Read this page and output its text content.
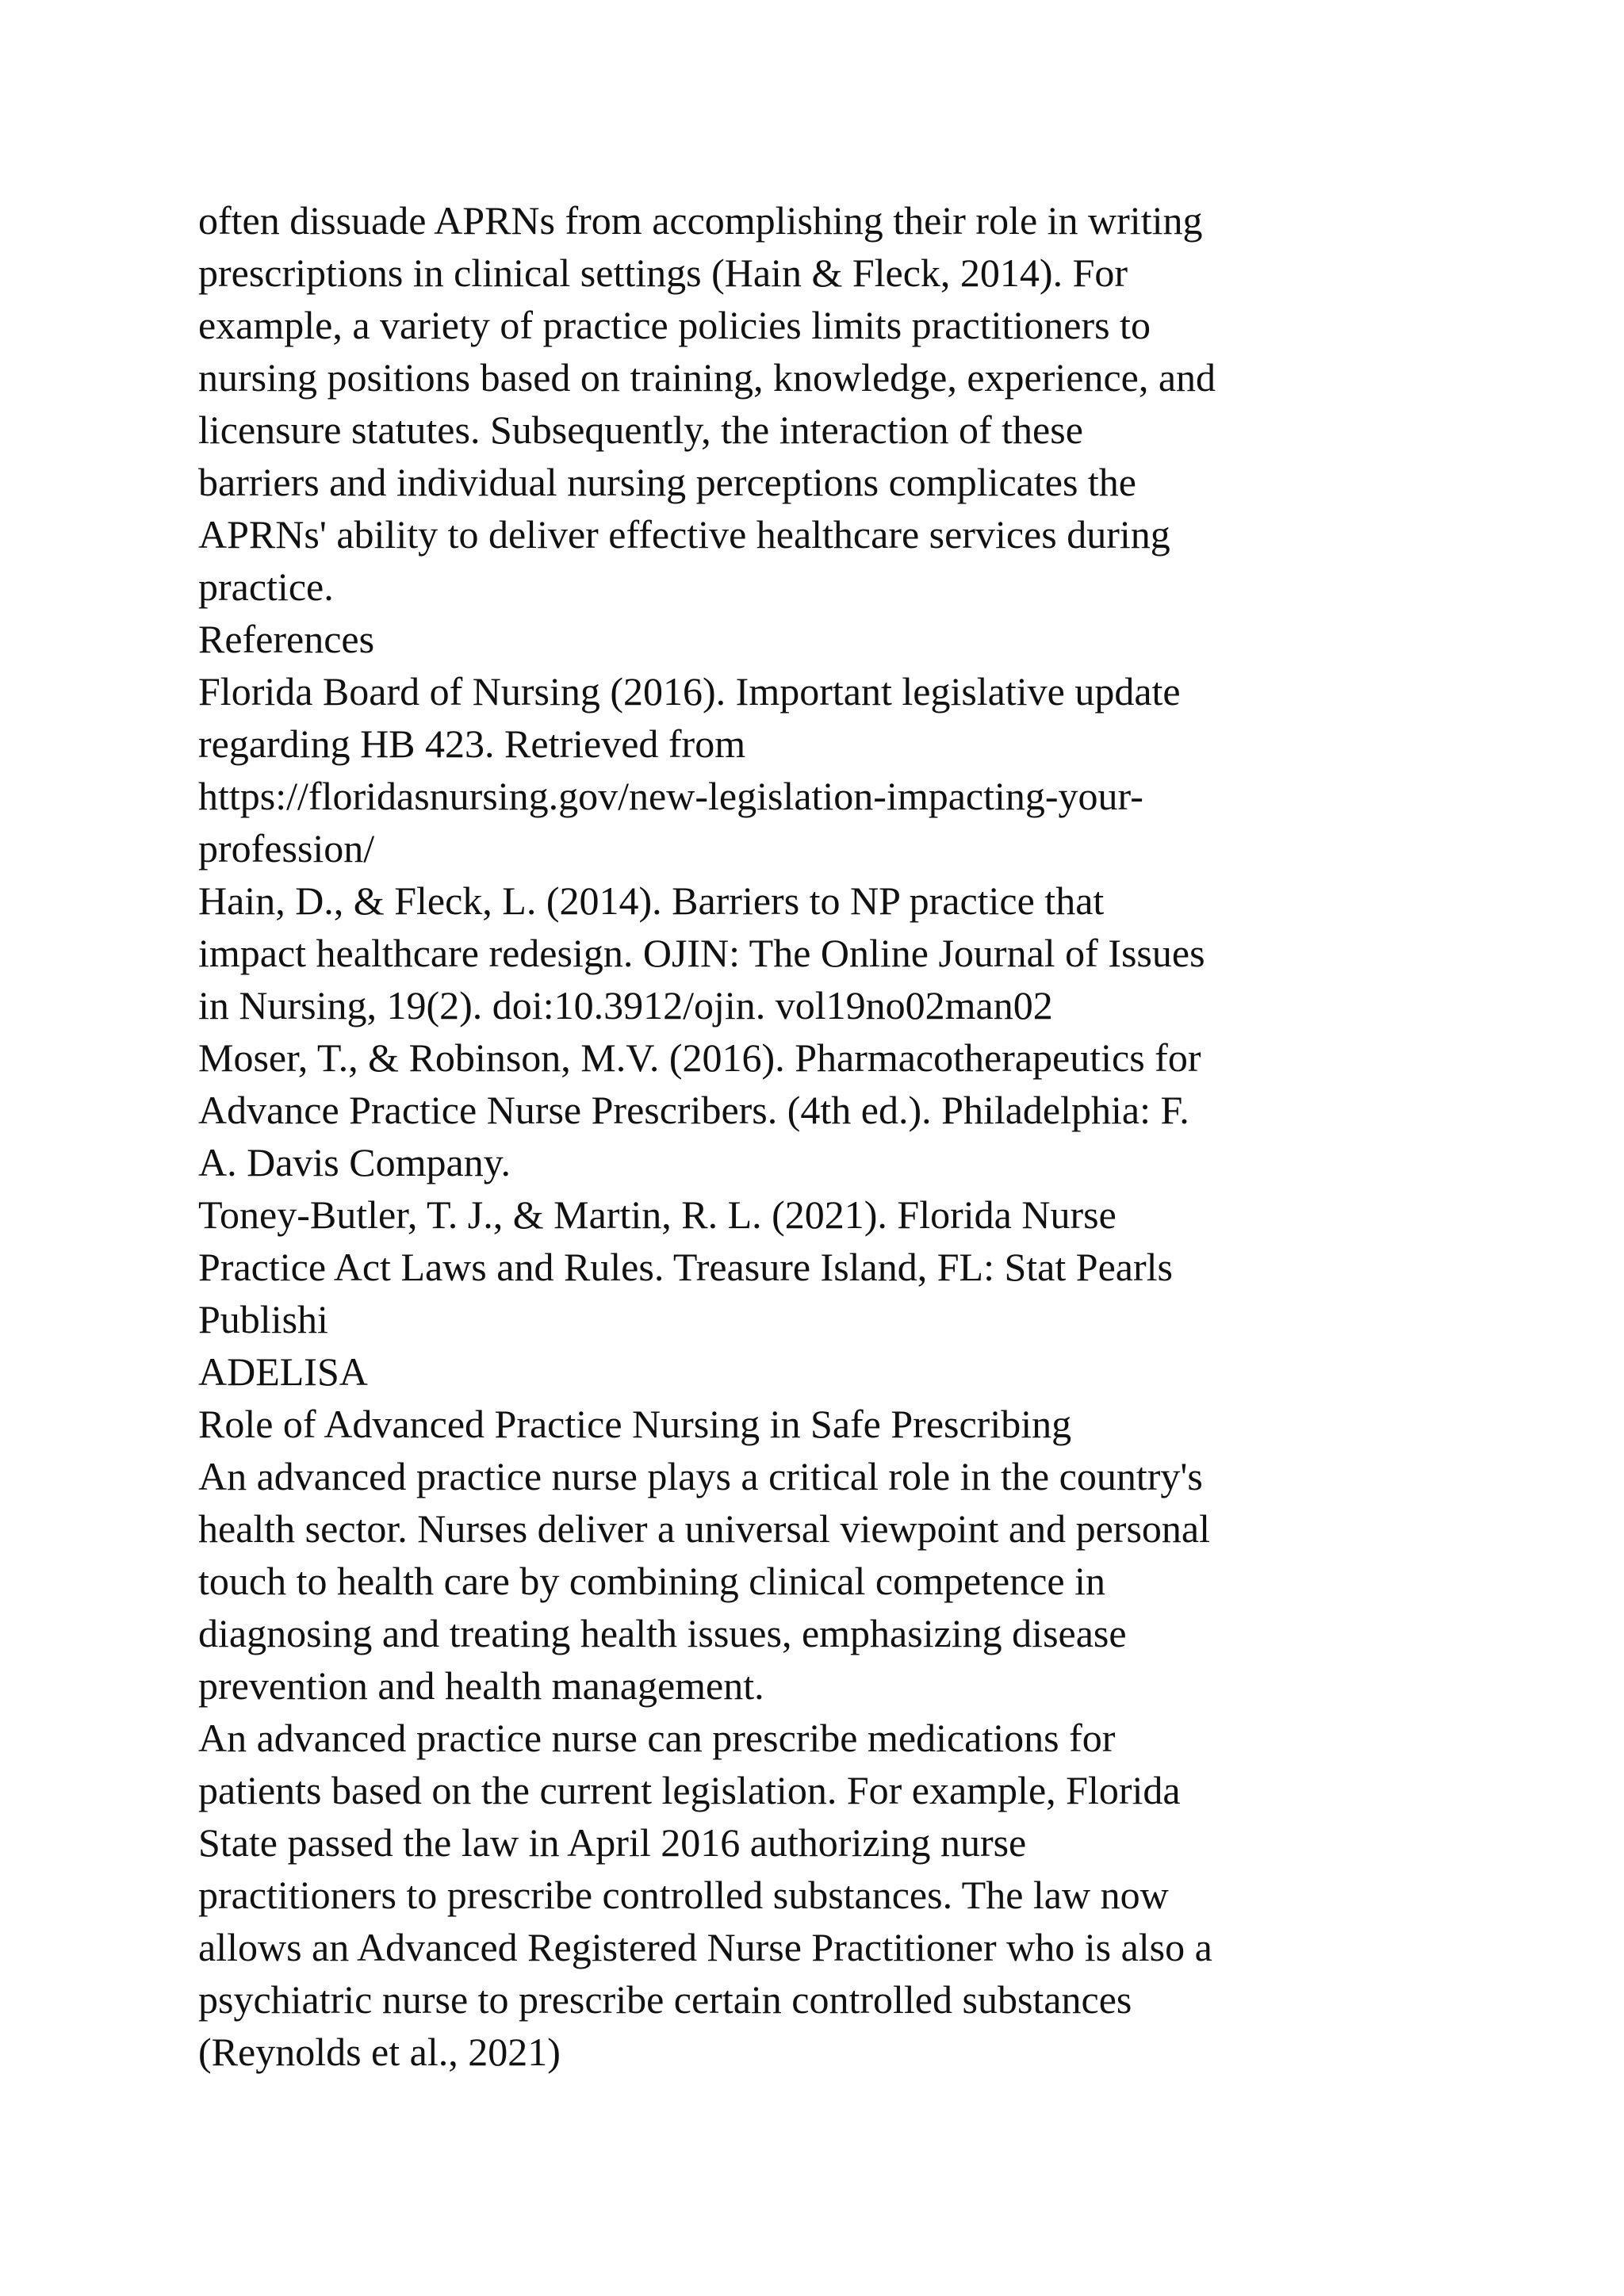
often dissuade APRNs from accomplishing their role in writing
prescriptions in clinical settings (Hain & Fleck, 2014). For
example, a variety of practice policies limits practitioners to
nursing positions based on training, knowledge, experience, and
licensure statutes. Subsequently, the interaction of these
barriers and individual nursing perceptions complicates the
APRNs' ability to deliver effective healthcare services during
practice.
References
Florida Board of Nursing (2016). Important legislative update
regarding HB 423. Retrieved from
https://floridasnursing.gov/new-legislation-impacting-your-
profession/
Hain, D., & Fleck, L. (2014). Barriers to NP practice that
impact healthcare redesign. OJIN: The Online Journal of Issues
in Nursing, 19(2). doi:10.3912/ojin. vol19no02man02
Moser, T., & Robinson, M.V. (2016). Pharmacotherapeutics for
Advance Practice Nurse Prescribers. (4th ed.). Philadelphia: F.
A. Davis Company.
Toney-Butler, T. J., & Martin, R. L. (2021). Florida Nurse
Practice Act Laws and Rules. Treasure Island, FL: Stat Pearls
Publishi
ADELISA
Role of Advanced Practice Nursing in Safe Prescribing
An advanced practice nurse plays a critical role in the country's
health sector. Nurses deliver a universal viewpoint and personal
touch to health care by combining clinical competence in
diagnosing and treating health issues, emphasizing disease
prevention and health management.
An advanced practice nurse can prescribe medications for
patients based on the current legislation. For example, Florida
State passed the law in April 2016 authorizing nurse
practitioners to prescribe controlled substances. The law now
allows an Advanced Registered Nurse Practitioner who is also a
psychiatric nurse to prescribe certain controlled substances
(Reynolds et al., 2021)
